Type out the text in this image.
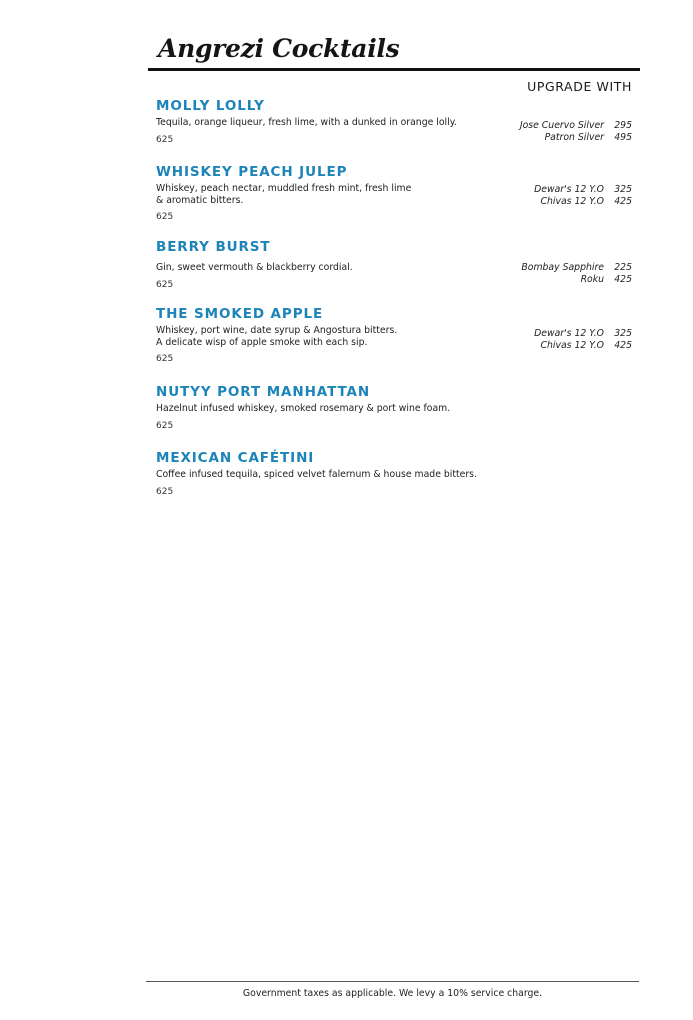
Angrezi Cocktails
UPGRADE WITH
MOLLY LOLLY
Tequila, orange liqueur, fresh lime, with a dunked in orange lolly.
625
Jose Cuervo Silver	295
Patron Silver	495
WHISKEY PEACH JULEP
Whiskey, peach nectar, muddled fresh mint, fresh lime
& aromatic bitters.
625
Dewar's 12 Y.O	325
Chivas 12 Y.O	425
BERRY BURST
Gin, sweet vermouth & blackberry cordial.
625
Bombay Sapphire	225
Roku	425
THE SMOKED APPLE
Whiskey, port wine, date syrup & Angostura bitters.
A delicate wisp of apple smoke with each sip.
625
Dewar's 12 Y.O	325
Chivas 12 Y.O	425
NUTYY PORT MANHATTAN
Hazelnut infused whiskey, smoked rosemary & port wine foam.
625
MEXICAN CAFÉTINI
Coffee infused tequila, spiced velvet falernum & house made bitters.
625
Government taxes as applicable. We levy a 10% service charge.
